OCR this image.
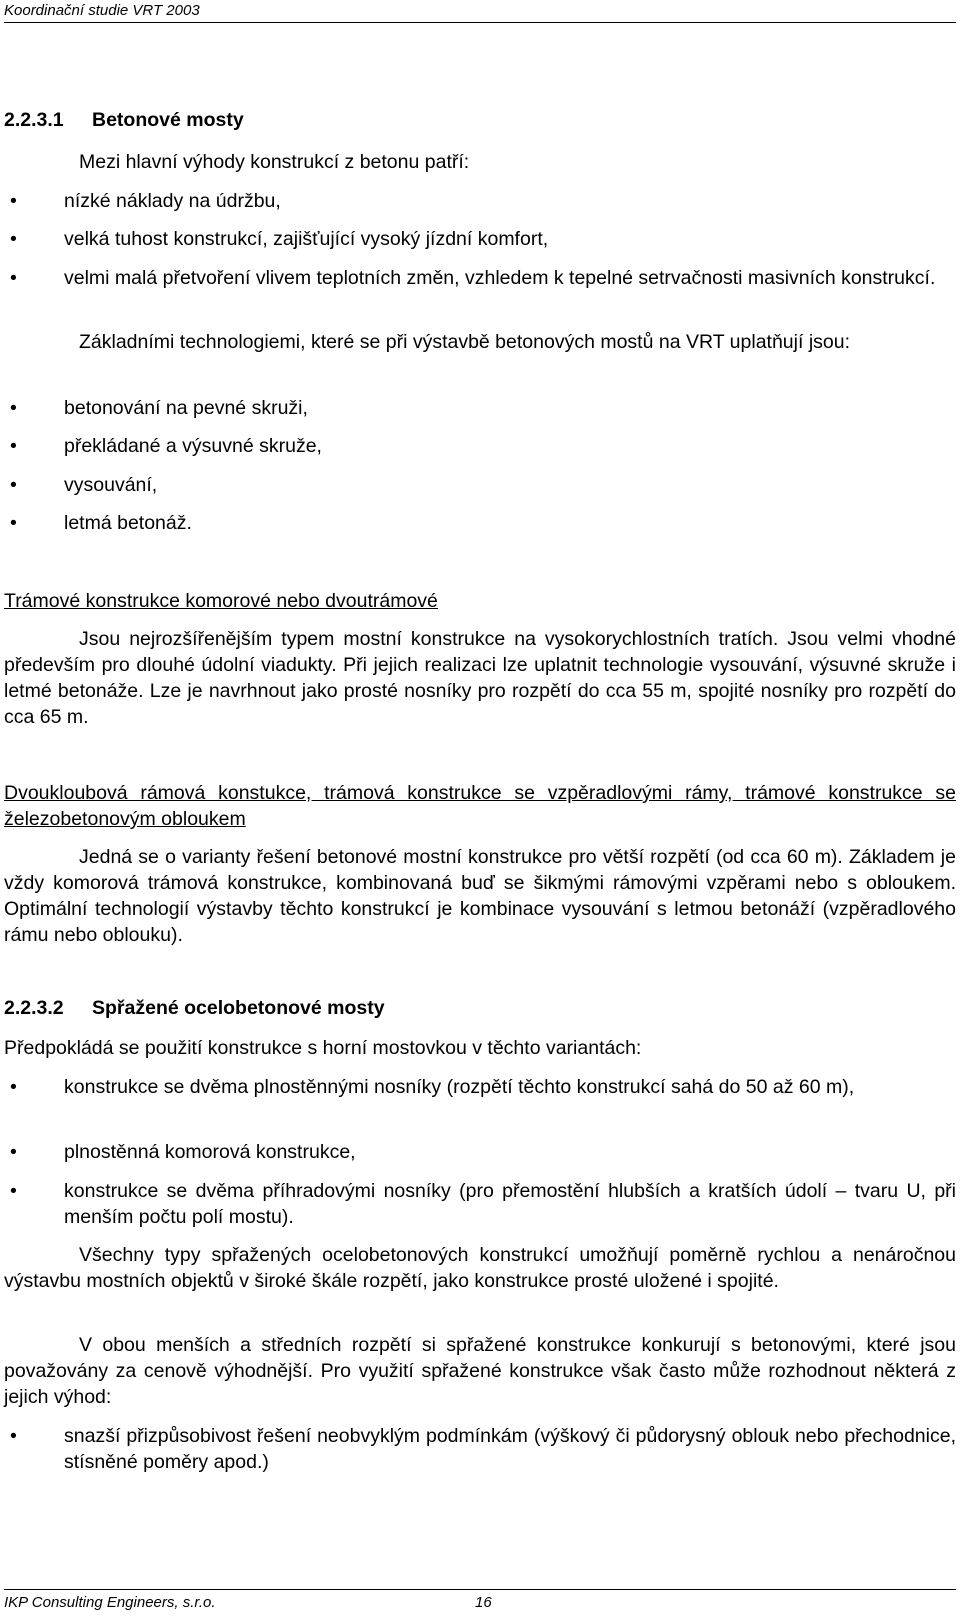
Koordinační studie VRT 2003
2.2.3.1 Betonové mosty
Mezi hlavní výhody konstrukcí z betonu patří:
• nízké náklady na údržbu,
• velká tuhost konstrukcí, zajišťující vysoký jízdní komfort,
• velmi malá přetvoření vlivem teplotních změn, vzhledem k tepelné setrvačnosti masivních konstrukcí.
Základními technologiemi, které se při výstavbě betonových mostů na VRT uplatňují jsou:
• betonování na pevné skruži,
• překládané a výsuvné skruže,
• vysouvání,
• letmá betonáž.
Trámové konstrukce komorové nebo dvoutrámové
Jsou nejrozšířenějším typem mostní konstrukce na vysokorychlostních tratích. Jsou velmi vhodné především pro dlouhé údolní viadukty. Při jejich realizaci lze uplatnit technologie vysouvání, výsuvné skruže i letmé betonáže. Lze je navrhnout jako prosté nosníky pro rozpětí do cca 55 m, spojité nosníky pro rozpětí do cca 65 m.
Dvoukloubová rámová konstukce, trámová konstrukce se vzpěradlovými rámy, trámové konstrukce se železobetonovým obloukem
Jedná se o varianty řešení betonové mostní konstrukce pro větší rozpětí (od cca 60 m). Základem je vždy komorová trámová konstrukce, kombinovaná buď se šikmými rámovými vzpěrami nebo s obloukem. Optimální technologií výstavby těchto konstrukcí je kombinace vysouvání s letmou betonáží (vzpěradlového rámu nebo oblouku).
2.2.3.2 Spřažené ocelobetonové mosty
Předpokládá se použití konstrukce s horní mostovkou v těchto variantách:
• konstrukce se dvěma plnostěnnými nosníky (rozpětí těchto konstrukcí sahá do 50 až 60 m),
• plnostěnná komorová konstrukce,
• konstrukce se dvěma příhradovými nosníky (pro přemostění hlubších a kratších údolí – tvaru U, při menším počtu polí mostu).
Všechny typy spřažených ocelobetonových konstrukcí umožňují poměrně rychlou a nenáročnou výstavbu mostních objektů v široké škále rozpětí, jako konstrukce prosté uložené i spojité.
V obou menších a středních rozpětí si spřažené konstrukce konkurují s betonovými, které jsou považovány za cenově výhodnější. Pro využití spřažené konstrukce však často může rozhodnout některá z jejich výhod:
• snazší přizpůsobivost řešení neobvyklým podmínkám (výškový či půdorysný oblouk nebo přechodnice, stísněné poměry apod.)
IKP Consulting Engineers, s.r.o.	16
